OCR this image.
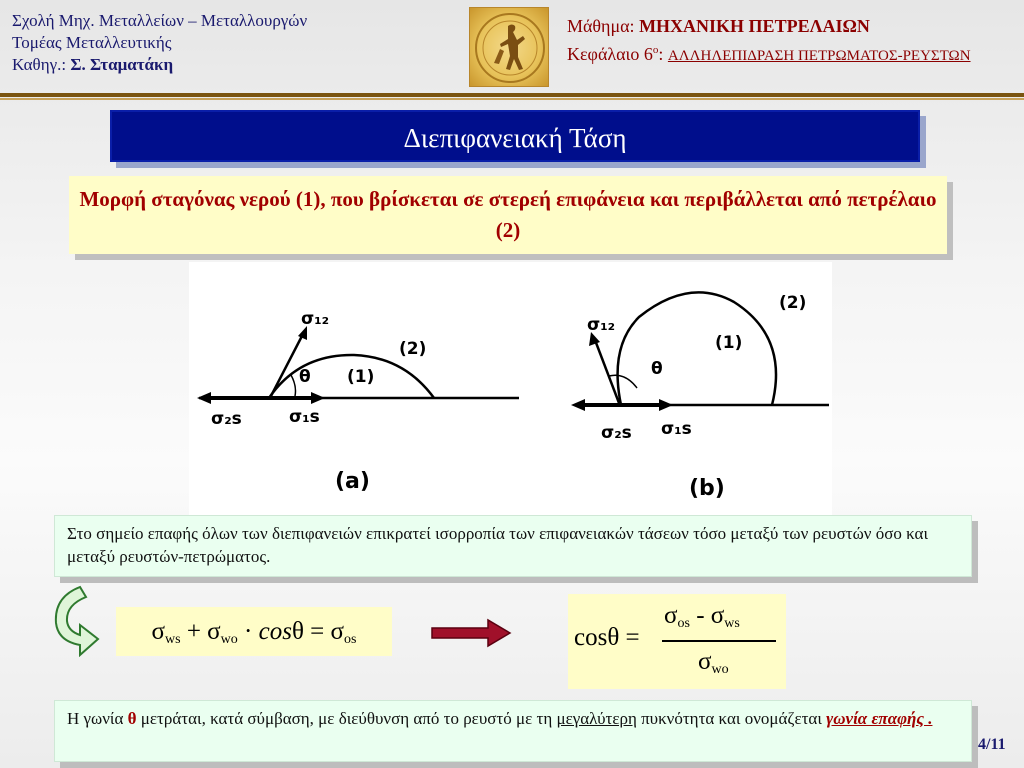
Σχολή Μηχ. Μεταλλείων – Μεταλλουργών
Τομέας Μεταλλευτικής
Καθηγ.: Σ. Σταματάκη
Μάθημα: ΜΗΧΑΝΙΚΗ ΠΕΤΡΕΛΑΙΩΝ
Κεφάλαιο $6^o$: ΑΛΛΗΛΕΠΙΔΡΑΣΗ ΠΕΤΡΩΜΑΤΟΣ-ΡΕΥΣΤΩΝ
Διεπιφανειακή Τάση
Μορφή σταγόνας νερού (1), που βρίσκεται σε στερεή επιφάνεια και περιβάλλεται από πετρέλαιο (2)
σ₁₂
σ₂s	σ₁s
θ (1)
(2)
(a)
σ₁₂
σ₂s σ₁s
θ
(1)
(2)
(b)
Στο σημείο επαφής όλων των διεπιφανειών επικρατεί ισορροπία των επιφανειακών τάσεων τόσο μεταξύ των ρευστών όσο και μεταξύ ρευστών-πετρώματος.
$\sigma_{ws} + \sigma_{wo} \cdot \cos\theta = \sigma_{os}$	cosθ =
$\sigma_{os} - \sigma_{ws}$
$\sigma_{wo}$
Η γωνία θ μετράται, κατά σύμβαση, με διεύθυνση από το ρευστό με τη μεγαλύτερη πυκνότητα και ονομάζεται γωνία επαφής .
4/11
